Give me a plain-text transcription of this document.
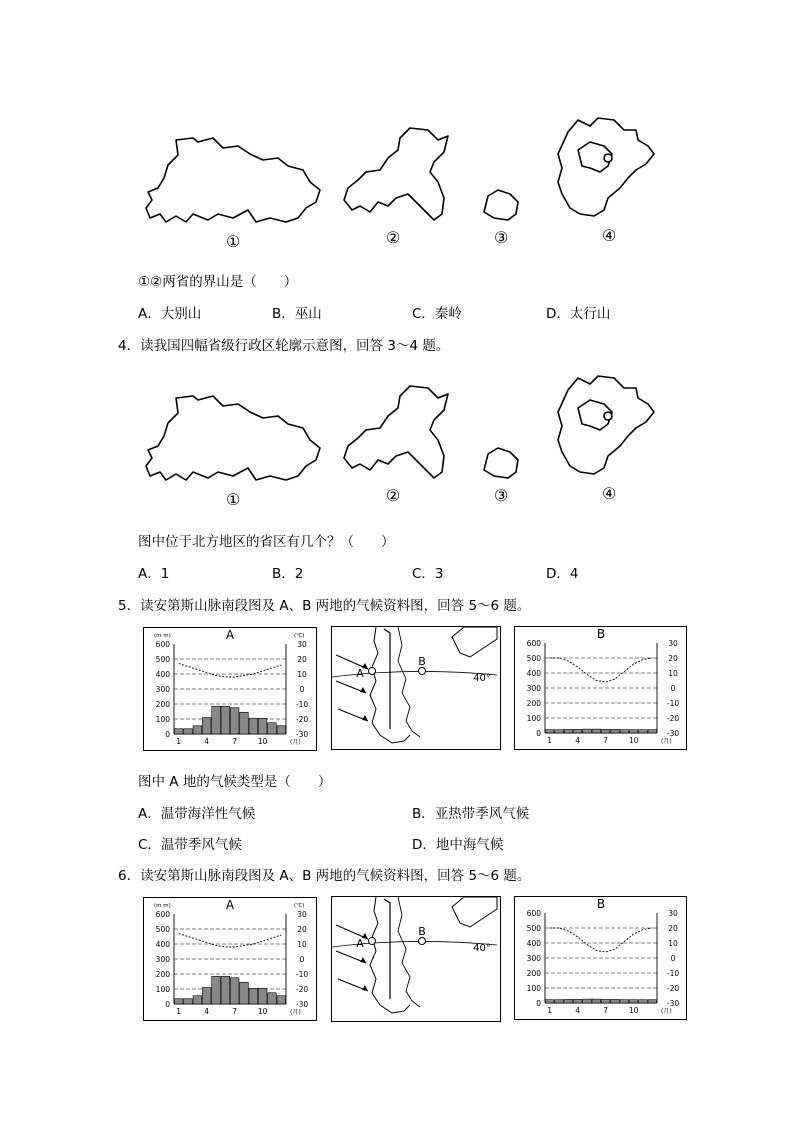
①	②	③	④
①②两省的界山是（　　）
A．大别山	B．巫山	C．秦岭	D．太行山
4．读我国四幅省级行政区轮廓示意图，回答 3～4 题。
①	②	③	④
图中位于北方地区的省区有几个？（　　）
A．1	B．2	C．3	D．4
5．读安第斯山脉南段图及 A、B 两地的气候资料图，回答 5～6 题。
A
(m m)	(℃)
600	30
500	20
400	10
300	0
200	-10
100	-20
0	-30
1	4	7	10	(月)
40°
A
B
B
600	30
500	20
400	10
300	0
200	-10
100	-20
0	-30
1	4	7	10	(月)
图中 A 地的气候类型是（　　）
A．温带海洋性气候	B．亚热带季风气候
C．温带季风气候	D．地中海气候
6．读安第斯山脉南段图及 A、B 两地的气候资料图，回答 5～6 题。
A
(m m)	(℃)
600	30
500	20
400	10
300	0
200	-10
100	-20
0	-30
1	4	7	10	(月)
40°
A
B
B
600	30
500	20
400	10
300	0
200	-10
100	-20
0	-30
1	4	7	10	(月)
